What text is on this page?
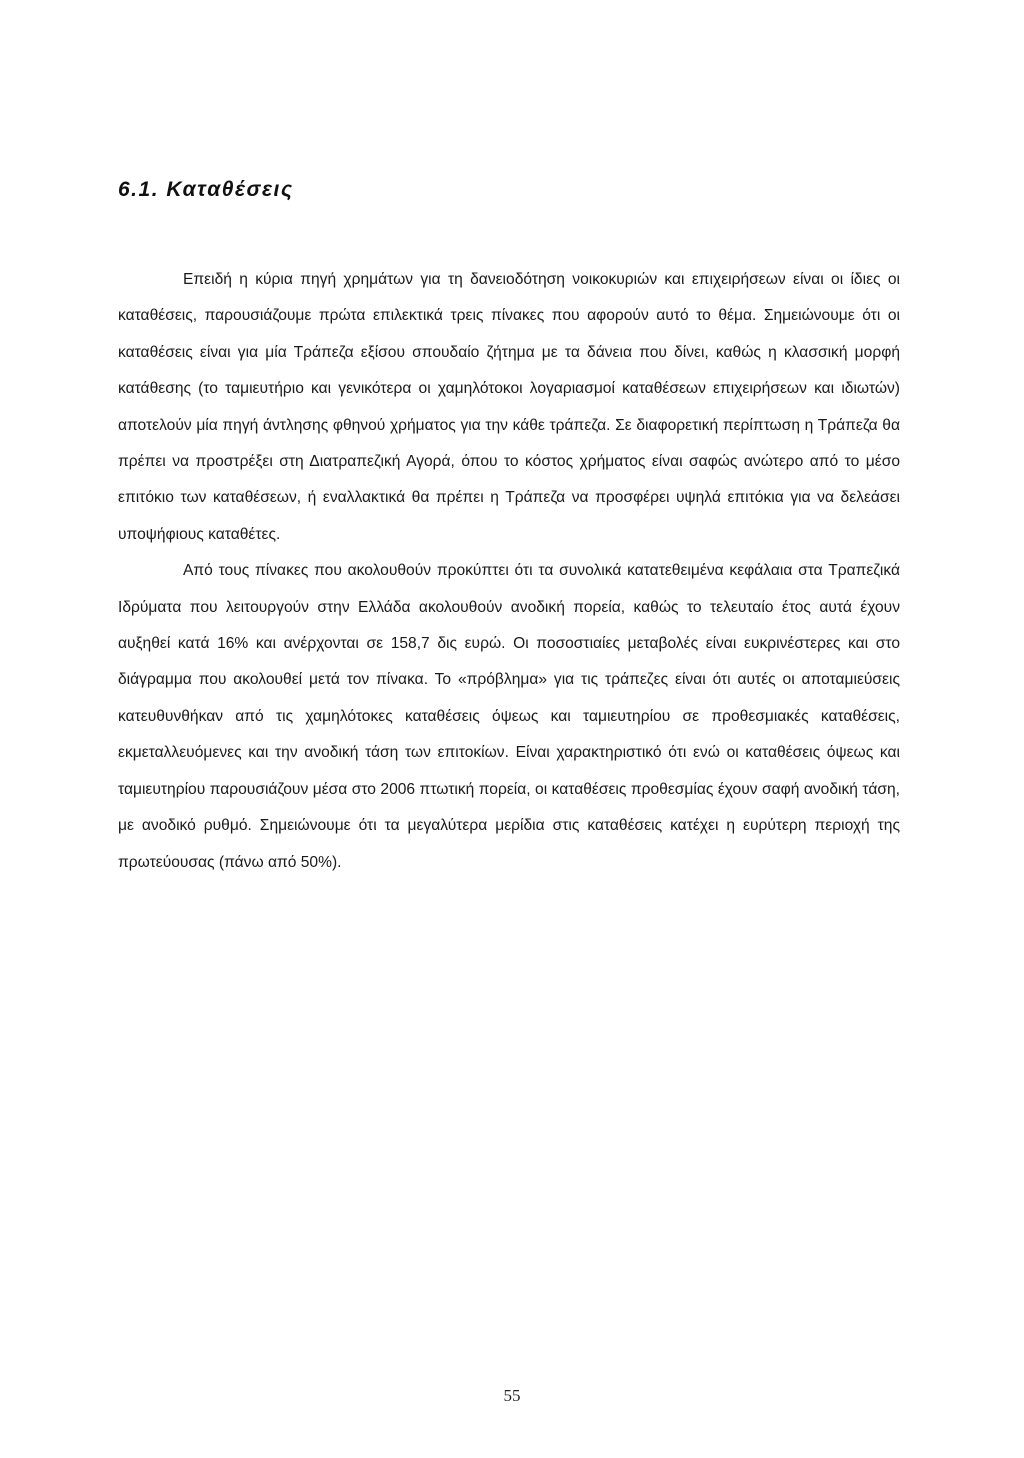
6.1. Καταθέσεις

Επειδή η κύρια πηγή χρημάτων για τη δανειοδότηση νοικοκυριών και επιχειρήσεων είναι οι ίδιες οι καταθέσεις, παρουσιάζουμε πρώτα επιλεκτικά τρεις πίνακες που αφορούν αυτό το θέμα. Σημειώνουμε ότι οι καταθέσεις είναι για μία Τράπεζα εξίσου σπουδαίο ζήτημα με τα δάνεια που δίνει, καθώς η κλασσική μορφή κατάθεσης (το ταμιευτήριο και γενικότερα οι χαμηλότοκοι λογαριασμοί καταθέσεων επιχειρήσεων και ιδιωτών) αποτελούν μία πηγή άντλησης φθηνού χρήματος για την κάθε τράπεζα. Σε διαφορετική περίπτωση η Τράπεζα θα πρέπει να προστρέξει στη Διατραπεζική Αγορά, όπου το κόστος χρήματος είναι σαφώς ανώτερο από το μέσο επιτόκιο των καταθέσεων, ή εναλλακτικά θα πρέπει η Τράπεζα να προσφέρει υψηλά επιτόκια για να δελεάσει υποψήφιους καταθέτες.

Από τους πίνακες που ακολουθούν προκύπτει ότι τα συνολικά κατατεθειμένα κεφάλαια στα Τραπεζικά Ιδρύματα που λειτουργούν στην Ελλάδα ακολουθούν ανοδική πορεία, καθώς το τελευταίο έτος αυτά έχουν αυξηθεί κατά 16% και ανέρχονται σε 158,7 δις ευρώ. Οι ποσοστιαίες μεταβολές είναι ευκρινέστερες και στο διάγραμμα που ακολουθεί μετά τον πίνακα. Το «πρόβλημα» για τις τράπεζες είναι ότι αυτές οι αποταμιεύσεις κατευθυνθήκαν από τις χαμηλότοκες καταθέσεις όψεως και ταμιευτηρίου σε προθεσμιακές καταθέσεις, εκμεταλλευόμενες και την ανοδική τάση των επιτοκίων. Είναι χαρακτηριστικό ότι ενώ οι καταθέσεις όψεως και ταμιευτηρίου παρουσιάζουν μέσα στο 2006 πτωτική πορεία, οι καταθέσεις προθεσμίας έχουν σαφή ανοδική τάση, με ανοδικό ρυθμό. Σημειώνουμε ότι τα μεγαλύτερα μερίδια στις καταθέσεις κατέχει η ευρύτερη περιοχή της πρωτεύουσας (πάνω από 50%).

55
